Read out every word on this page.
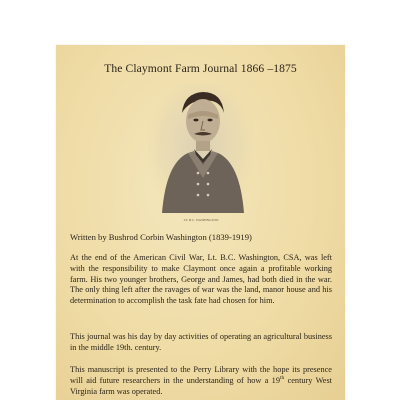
The Claymont Farm Journal 1866 –1875
LT. B.C. WASHINGTON
Written by Bushrod Corbin Washington (1839-1919)

At the end of the American Civil War, Lt. B.C. Washington, CSA, was left with the responsibility to make Claymont once again a profitable working farm. His two younger brothers, George and James, had both died in the war. The only thing left after the ravages of war was the land, manor house and his determination to accomplish the task fate had chosen for him.

This journal was his day by day activities of operating an agricultural business in the middle 19th. century.

This manuscript is presented to the Perry Library with the hope its presence will aid future researchers in the understanding of how a 19th century West Virginia farm was operated.
